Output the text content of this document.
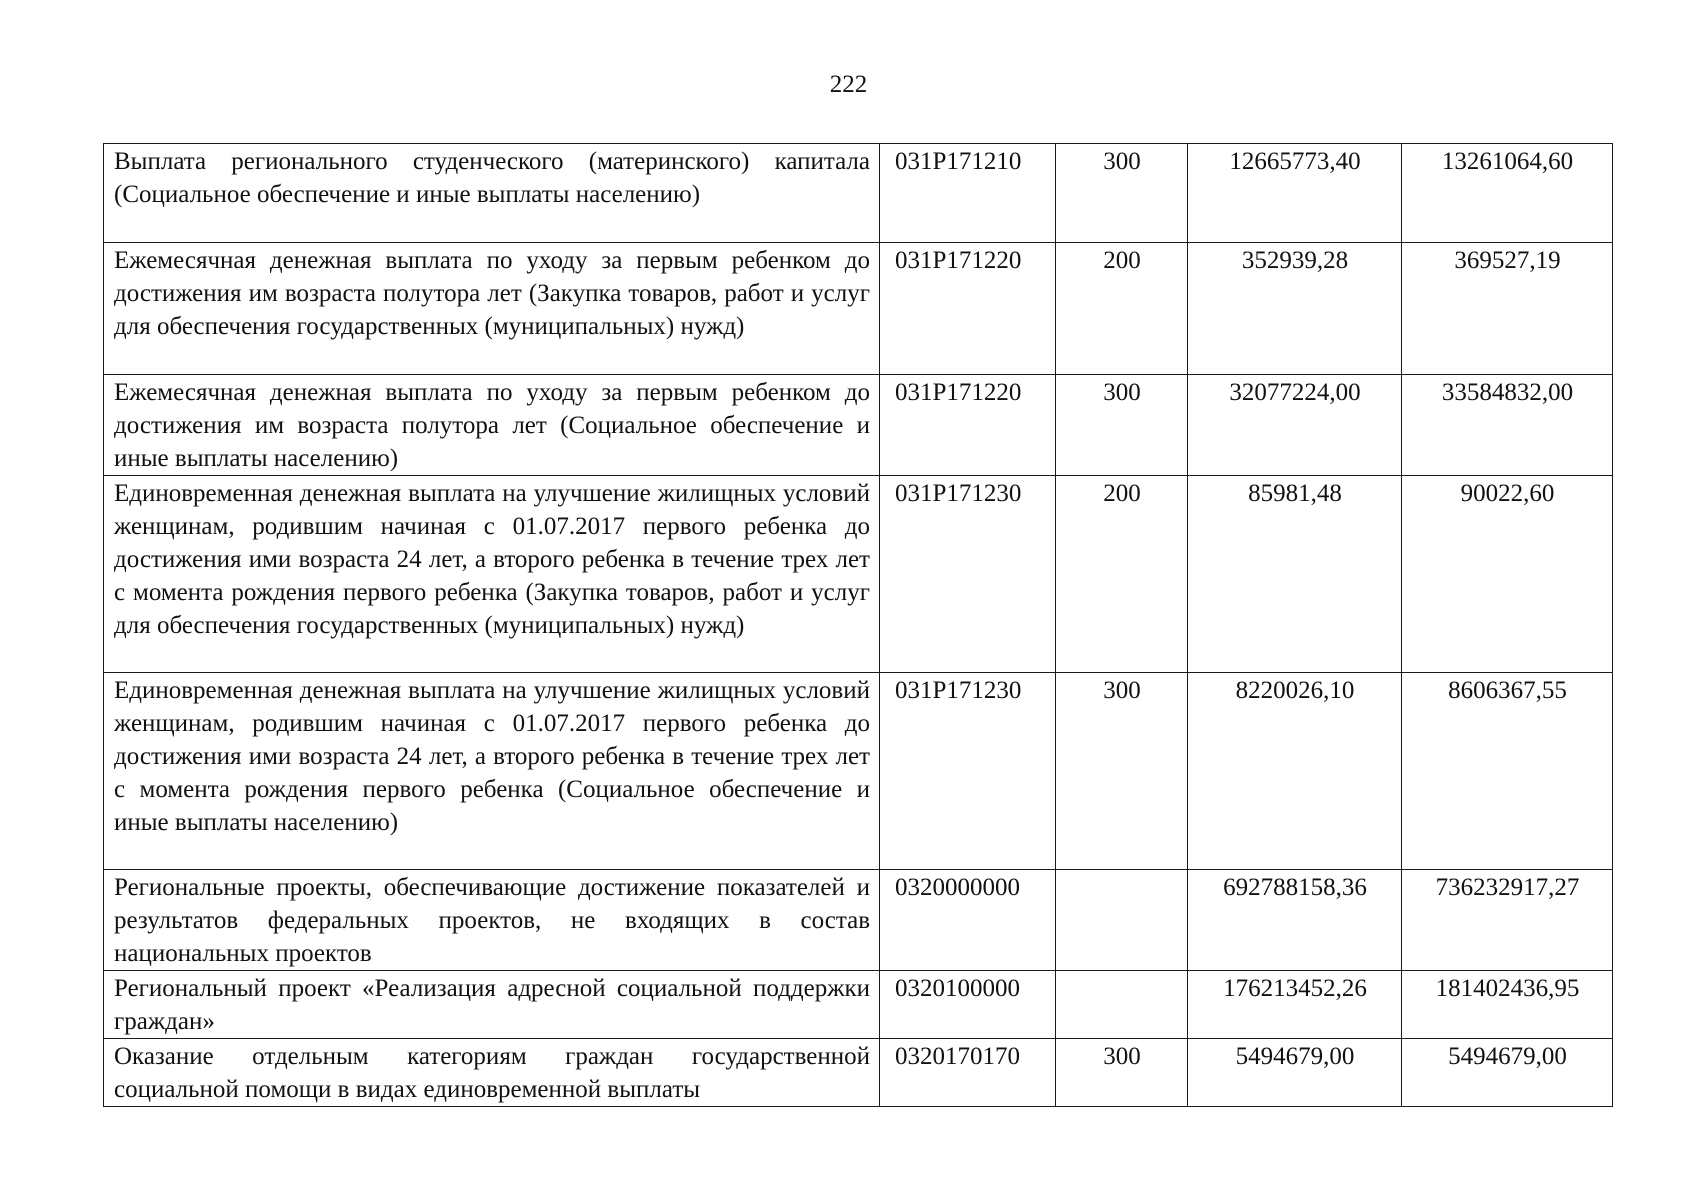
222
Выплата регионального студенческого (материнского) капитала (Социальное обеспечение и иные выплаты населению)	031P171210	300	12665773,40	13261064,60

Ежемесячная денежная выплата по уходу за первым ребенком до достижения им возраста полутора лет (Закупка товаров, работ и услуг для обеспечения государственных (муниципальных) нужд)	031P171220	200	352939,28	369527,19

Ежемесячная денежная выплата по уходу за первым ребенком до достижения им возраста полутора лет (Социальное обеспечение и иные выплаты населению)	031P171220	300	32077224,00	33584832,00

Единовременная денежная выплата на улучшение жилищных условий женщинам, родившим начиная с 01.07.2017 первого ребенка до достижения ими возраста 24 лет, а второго ребенка в течение трех лет с момента рождения первого ребенка (Закупка товаров, работ и услуг для обеспечения государственных (муниципальных) нужд)	031P171230	200	85981,48	90022,60

Единовременная денежная выплата на улучшение жилищных условий женщинам, родившим начиная с 01.07.2017 первого ребенка до достижения ими возраста 24 лет, а второго ребенка в течение трех лет с момента рождения первого ребенка (Социальное обеспечение и иные выплаты населению)	031P171230	300	8220026,10	8606367,55

Региональные проекты, обеспечивающие достижение показателей и результатов федеральных проектов, не входящих в состав национальных проектов	0320000000		692788158,36	736232917,27

Региональный проект «Реализация адресной социальной поддержки граждан»	0320100000		176213452,26	181402436,95

Оказание отдельным категориям граждан государственной социальной помощи в видах единовременной выплаты	0320170170	300	5494679,00	5494679,00
